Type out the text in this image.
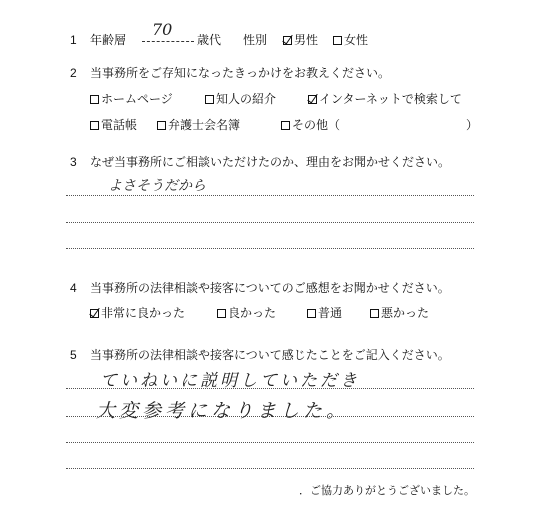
1 年齢層
70
歳代 性別	男性	女性
2 当事務所をご存知になったきっかけをお教えください。
ホームページ	知人の紹介	インターネットで検索して
電話帳	弁護士会名簿	その他（	）
3 なぜ当事務所にご相談いただけたのか、理由をお聞かせください。
よさそうだから
4 当事務所の法律相談や接客についてのご感想をお聞かせください。
非常に良かった	良かった	普通	悪かった
5 当事務所の法律相談や接客について感じたことをご記入ください。
ていねいに説明していただき
大変参考になりました。
．ご協力ありがとうございました。
